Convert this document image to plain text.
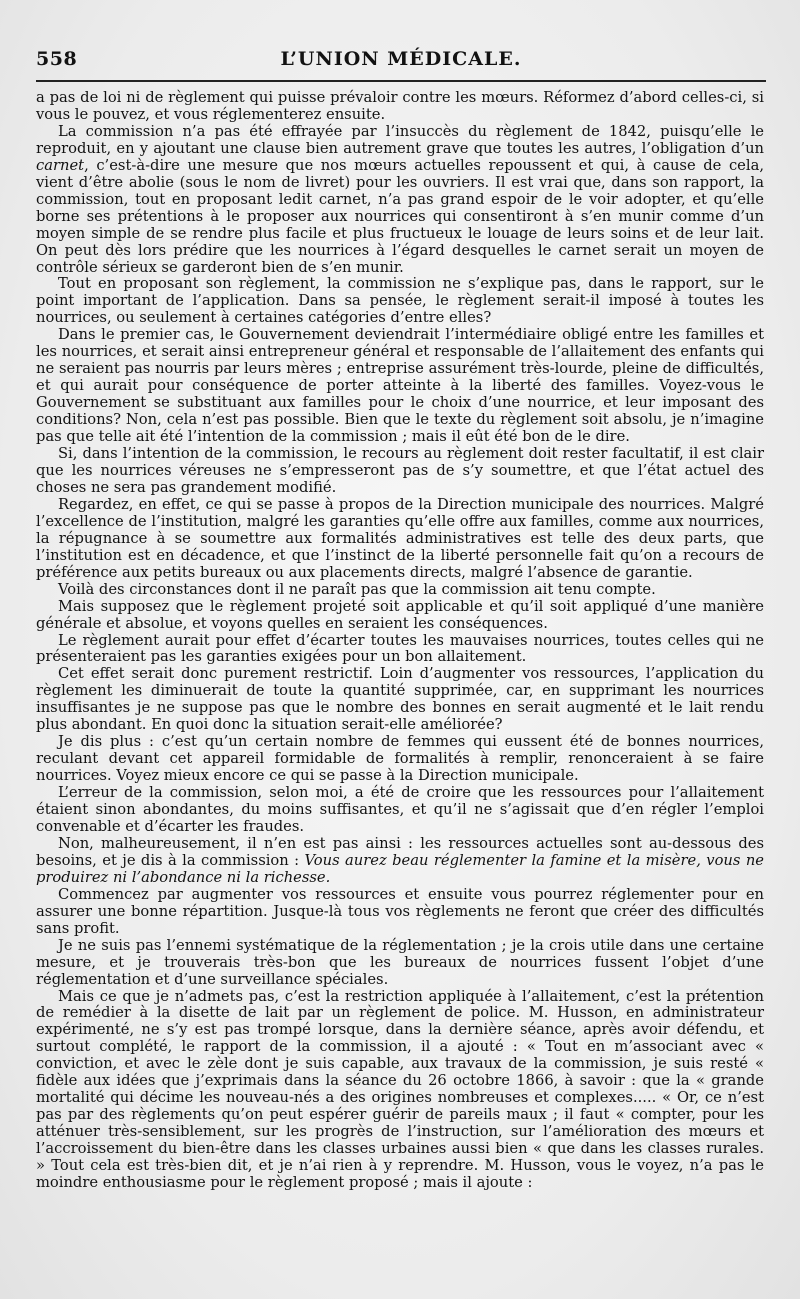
558	L’UNION MÉDICALE.

a pas de loi ni de règlement qui puisse prévaloir contre les mœurs. Réformez d’abord celles-ci, si vous le pouvez, et vous réglementerez ensuite.

La commission n’a pas été effrayée par l’insuccès du règlement de 1842, puisqu’elle le reproduit, en y ajoutant une clause bien autrement grave que toutes les autres, l’obligation d’un carnet, c’est-à-dire une mesure que nos mœurs actuelles repoussent et qui, à cause de cela, vient d’être abolie (sous le nom de livret) pour les ouvriers. Il est vrai que, dans son rapport, la commission, tout en proposant ledit carnet, n’a pas grand espoir de le voir adopter, et qu’elle borne ses prétentions à le proposer aux nourrices qui consentiront à s’en munir comme d’un moyen simple de se rendre plus facile et plus fructueux le louage de leurs soins et de leur lait. On peut dès lors prédire que les nourrices à l’égard desquelles le carnet serait un moyen de contrôle sérieux se garderont bien de s’en munir.

Tout en proposant son règlement, la commission ne s’explique pas, dans le rapport, sur le point important de l’application. Dans sa pensée, le règlement serait-il imposé à toutes les nourrices, ou seulement à certaines catégories d’entre elles?

Dans le premier cas, le Gouvernement deviendrait l’intermédiaire obligé entre les familles et les nourrices, et serait ainsi entrepreneur général et responsable de l’allaitement des enfants qui ne seraient pas nourris par leurs mères ; entreprise assurément très-lourde, pleine de difficultés, et qui aurait pour conséquence de porter atteinte à la liberté des familles. Voyez-vous le Gouvernement se substituant aux familles pour le choix d’une nourrice, et leur imposant des conditions? Non, cela n’est pas possible. Bien que le texte du règlement soit absolu, je n’imagine pas que telle ait été l’intention de la commission ; mais il eût été bon de le dire.

Si, dans l’intention de la commission, le recours au règlement doit rester facultatif, il est clair que les nourrices véreuses ne s’empresseront pas de s’y soumettre, et que l’état actuel des choses ne sera pas grandement modifié.

Regardez, en effet, ce qui se passe à propos de la Direction municipale des nourrices. Malgré l’excellence de l’institution, malgré les garanties qu’elle offre aux familles, comme aux nourrices, la répugnance à se soumettre aux formalités administratives est telle des deux parts, que l’institution est en décadence, et que l’instinct de la liberté personnelle fait qu’on a recours de préférence aux petits bureaux ou aux placements directs, malgré l’absence de garantie.

Voilà des circonstances dont il ne paraît pas que la commission ait tenu compte.

Mais supposez que le règlement projeté soit applicable et qu’il soit appliqué d’une manière générale et absolue, et voyons quelles en seraient les conséquences.

Le règlement aurait pour effet d’écarter toutes les mauvaises nourrices, toutes celles qui ne présenteraient pas les garanties exigées pour un bon allaitement.

Cet effet serait donc purement restrictif. Loin d’augmenter vos ressources, l’application du règlement les diminuerait de toute la quantité supprimée, car, en supprimant les nourrices insuffisantes je ne suppose pas que le nombre des bonnes en serait augmenté et le lait rendu plus abondant. En quoi donc la situation serait-elle améliorée?

Je dis plus : c’est qu’un certain nombre de femmes qui eussent été de bonnes nourrices, reculant devant cet appareil formidable de formalités à remplir, renonceraient à se faire nourrices. Voyez mieux encore ce qui se passe à la Direction municipale.

L’erreur de la commission, selon moi, a été de croire que les ressources pour l’allaitement étaient sinon abondantes, du moins suffisantes, et qu’il ne s’agissait que d’en régler l’emploi convenable et d’écarter les fraudes.

Non, malheureusement, il n’en est pas ainsi : les ressources actuelles sont au-dessous des besoins, et je dis à la commission : Vous aurez beau réglementer la famine et la misère, vous ne produirez ni l’abondance ni la richesse.

Commencez par augmenter vos ressources et ensuite vous pourrez réglementer pour en assurer une bonne répartition. Jusque-là tous vos règlements ne feront que créer des difficultés sans profit.

Je ne suis pas l’ennemi systématique de la réglementation ; je la crois utile dans une certaine mesure, et je trouverais très-bon que les bureaux de nourrices fussent l’objet d’une réglementation et d’une surveillance spéciales.

Mais ce que je n’admets pas, c’est la restriction appliquée à l’allaitement, c’est la prétention de remédier à la disette de lait par un règlement de police. M. Husson, en administrateur expérimenté, ne s’y est pas trompé lorsque, dans la dernière séance, après avoir défendu, et surtout complété, le rapport de la commission, il a ajouté : « Tout en m’associant avec « conviction, et avec le zèle dont je suis capable, aux travaux de la commission, je suis resté « fidèle aux idées que j’exprimais dans la séance du 26 octobre 1866, à savoir : que la « grande mortalité qui décime les nouveau-nés a des origines nombreuses et complexes..... « Or, ce n’est pas par des règlements qu’on peut espérer guérir de pareils maux ; il faut « compter, pour les atténuer très-sensiblement, sur les progrès de l’instruction, sur l’amélioration des mœurs et l’accroissement du bien-être dans les classes urbaines aussi bien « que dans les classes rurales. » Tout cela est très-bien dit, et je n’ai rien à y reprendre. M. Husson, vous le voyez, n’a pas le moindre enthousiasme pour le règlement proposé ; mais il ajoute :
